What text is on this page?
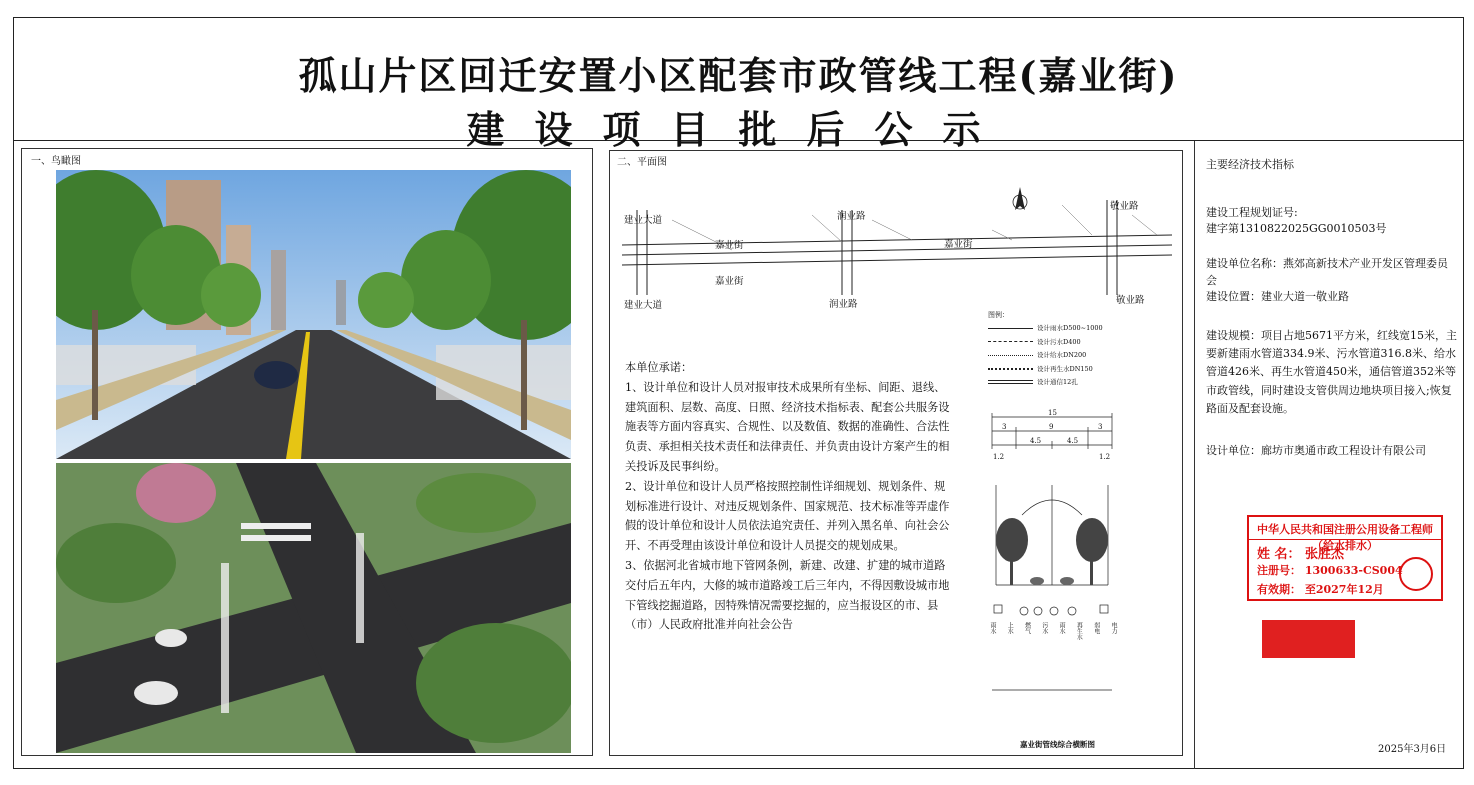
孤山片区回迁安置小区配套市政管线工程(嘉业街)
建设项目批后公示
一、鸟瞰图	二、平面图
建业大道
建业大道
嘉业街
嘉业街
嘉业街
润业路
润业路
敬业路
敬业路
图例：
设计雨水D500~1000
设计污水D400
设计给水DN200
设计再生水DN150
设计通信12孔
15
3	9	3
4.5	4.5
1.2	1.2
雨水 上水 燃气 污水 雨水 再生水 弱电 电力
嘉业街管线综合横断图

本单位承诺：

1、设计单位和设计人员对报审技术成果所有坐标、间距、退线、建筑面积、层数、高度、日照、经济技术指标表、配套公共服务设施表等方面内容真实、合规性、以及数值、数据的准确性、合法性负责、承担相关技术责任和法律责任、并负责由设计方案产生的相关投诉及民事纠纷。

2、设计单位和设计人员严格按照控制性详细规划、规划条件、规划标准进行设计、对违反规划条件、国家规范、技术标准等弄虚作假的设计单位和设计人员依法追究责任、并列入黑名单、向社会公开、不再受理由该设计单位和设计人员提交的规划成果。

3、依据河北省城市地下管网条例，新建、改建、扩建的城市道路交付后五年内，大修的城市道路竣工后三年内，不得因敷设城市地下管线挖掘道路，因特殊情况需要挖掘的，应当报设区的市、县（市）人民政府批准并向社会公告

主要经济技术指标
建设工程规划证号:
建字第1310822025GG0010503号
建设单位名称：燕郊高新技术产业开发区管理委员会
建设位置：建业大道一敬业路
建设规模：项目占地5671平方米，红线宽15米，主要新建雨水管道334.9米、污水管道316.8米、给水管道426米、再生水管道450米，通信管道352米等市政管线，同时建设支管供周边地块项目接入;恢复路面及配套设施。
设计单位：廊坊市奥通市政工程设计有限公司
中华人民共和国注册公用设备工程师（给水排水）
姓 名： 张胜杰
注册号： 1300633-CS004
有效期： 至2027年12月
2025年3月6日
